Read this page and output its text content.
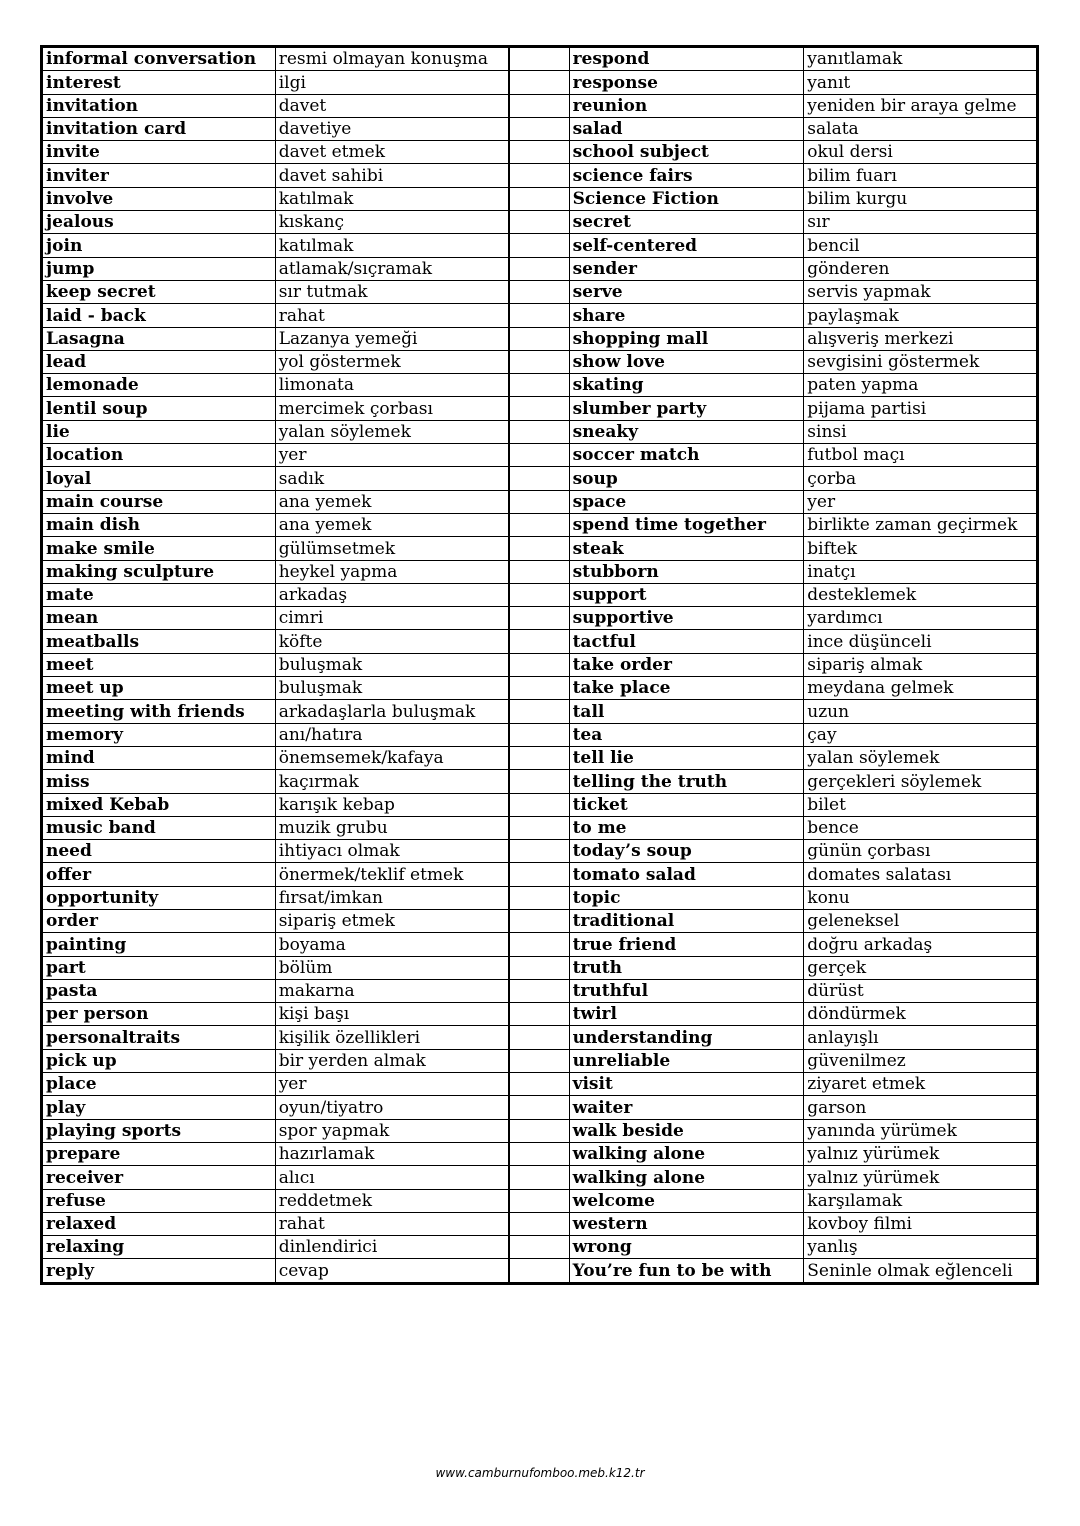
informal conversation	resmi olmayan konuşma		respond	yanıtlamak
interest	ilgi		response	yanıt
invitation	davet		reunion	yeniden bir araya gelme
invitation card	davetiye		salad	salata
invite	davet etmek		school subject	okul dersi
inviter	davet sahibi		science fairs	bilim fuarı
involve	katılmak		Science Fiction	bilim kurgu
jealous	kıskanç		secret	sır
join	katılmak		self-centered	bencil
jump	atlamak/sıçramak		sender	gönderen
keep secret	sır tutmak		serve	servis yapmak
laid - back	rahat		share	paylaşmak
Lasagna	Lazanya yemeği		shopping mall	alışveriş merkezi
lead	yol göstermek		show love	sevgisini göstermek
lemonade	limonata		skating	paten yapma
lentil soup	mercimek çorbası		slumber party	pijama partisi
lie	yalan söylemek		sneaky	sinsi
location	yer		soccer match	futbol maçı
loyal	sadık		soup	çorba
main course	ana yemek		space	yer
main dish	ana yemek		spend time together	birlikte zaman geçirmek
make smile	gülümsetmek		steak	biftek
making sculpture	heykel yapma		stubborn	inatçı
mate	arkadaş		support	desteklemek
mean	cimri		supportive	yardımcı
meatballs	köfte		tactful	ince düşünceli
meet	buluşmak		take order	sipariş almak
meet up	buluşmak		take place	meydana gelmek
meeting with friends	arkadaşlarla buluşmak		tall	uzun
memory	anı/hatıra		tea	çay
mind	önemsemek/kafaya		tell lie	yalan söylemek
miss	kaçırmak		telling the truth	gerçekleri söylemek
mixed Kebab	karışık kebap		ticket	bilet
music band	muzik grubu		to me	bence
need	ihtiyacı olmak		today’s soup	günün çorbası
offer	önermek/teklif etmek		tomato salad	domates salatası
opportunity	fırsat/imkan		topic	konu
order	sipariş etmek		traditional	geleneksel
painting	boyama		true friend	doğru arkadaş
part	bölüm		truth	gerçek
pasta	makarna		truthful	dürüst
per person	kişi başı		twirl	döndürmek
personaltraits	kişilik özellikleri		understanding	anlayışlı
pick up	bir yerden almak		unreliable	güvenilmez
place	yer		visit	ziyaret etmek
play	oyun/tiyatro		waiter	garson
playing sports	spor yapmak		walk beside	yanında yürümek
prepare	hazırlamak		walking alone	yalnız yürümek
receiver	alıcı		walking alone	yalnız yürümek
refuse	reddetmek		welcome	karşılamak
relaxed	rahat		western	kovboy filmi
relaxing	dinlendirici		wrong	yanlış
reply	cevap		You’re fun to be with	Seninle olmak eğlenceli
www.camburnufomboo.meb.k12.tr
